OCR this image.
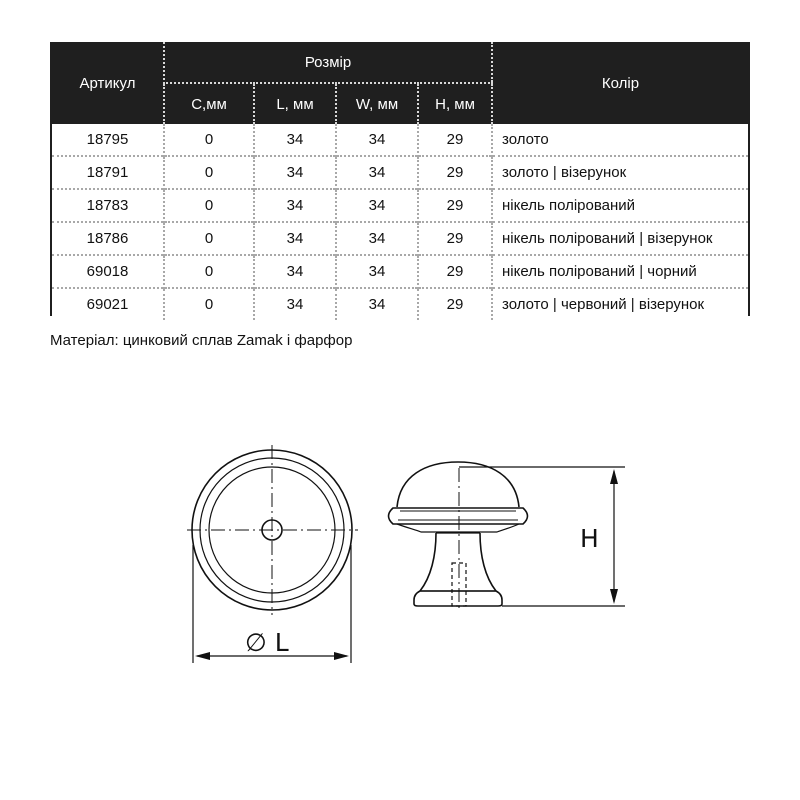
Артикул	Розмір				Колір
	C,мм	L, мм	W, мм	H, мм	
18795	0	34	34	29	золото
18791	0	34	34	29	золото | візерунок
18783	0	34	34	29	нікель полірований
18786	0	34	34	29	нікель полірований | візерунок
69018	0	34	34	29	нікель полірований | чорний
69021	0	34	34	29	золото | червоний | візерунок
Матеріал: цинковий сплав Zamak і фарфор
∅ L
H
